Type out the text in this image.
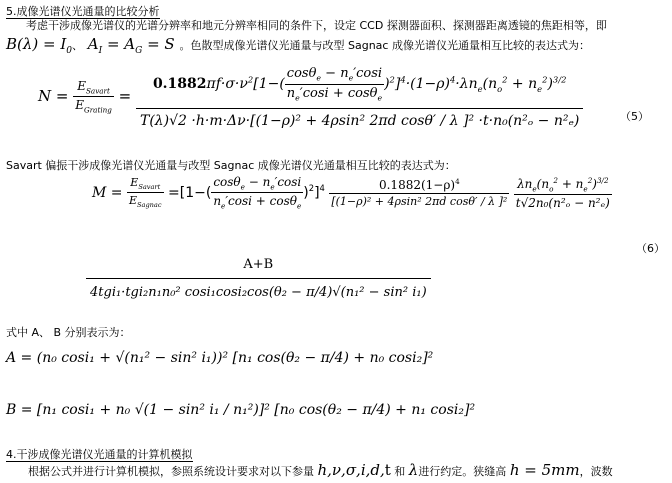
5.成像光谱仪光通量的比较分析
考虑干涉成像光谱仪的光谱分辨率和地元分辨率相同的条件下，设定 CCD 探测器面积、探测器距离透镜的焦距相等，即
$B(\lambda) = I_0$、 $A_I = A_G = S$ 。色散型成像光谱仪光通量与改型 Sagnac 成像光谱仪光通量相互比较的表达式为：
$N = \frac{E_{Savart}}{E_{Grating}}$ =
$0.1882\pi f\cdot\sigma\cdot\nu^2[1-( \frac{\cos\theta_e - n_e'\cos i}{n_e'\cos i + \cos\theta_e} )^2]^4\cdot(1-\rho)^4\cdot\lambda n_e(n_o^2 + n_e^2)^{3/2}$
T(λ)√2 ·h·m·Δν·[(1−ρ)² + 4ρsin² 2πd cosθ′ / λ ]² ·t·n₀(n²ₒ − n²ₑ)	（5）
Savart 偏振干涉成像光谱仪光通量与改型 Sagnac 成像光谱仪光通量相互比较的表达式为：
$M = \frac{E_{Savart}}{E_{Sagnac}} =[1-( \frac{\cos\theta_e - n_e'\cos i}{n_e'\cos i + \cos\theta_e} )^2]^4 \frac{0.1882(1-\rho)^4}{\text{[(1−ρ)² + 4ρsin² 2πd cosθ′ / λ ]²}}$
$\frac{\lambda n_e(n_o^2 + n_e^2)^{3/2}}{\text{t√2n₀(n²ₒ − n²ₑ)}}$
（6）
$\frac{A+B}{\text{4tgi₁·tgi₂n₁n₀² cosi₁cosi₂cos(θ₂ − π/4)√(n₁² − sin² i₁)}}$
式中 A、 B 分别表示为：
A = (n₀ cosi₁ + √(n₁² − sin² i₁))² [n₁ cos(θ₂ − π/4) + n₀ cosi₂]²
B = [n₁ cosi₁ + n₀ √(1 − sin² i₁ / n₁²)]² [n₀ cos(θ₂ − π/4) + n₁ cosi₂]²
4.干涉成像光谱仪光通量的计算机模拟
根据公式并进行计算机模拟，参照系统设计要求对以下参量 h,ν,σ,i,d,t 和 λ进行约定。狭缝高 h = 5mm，波数
